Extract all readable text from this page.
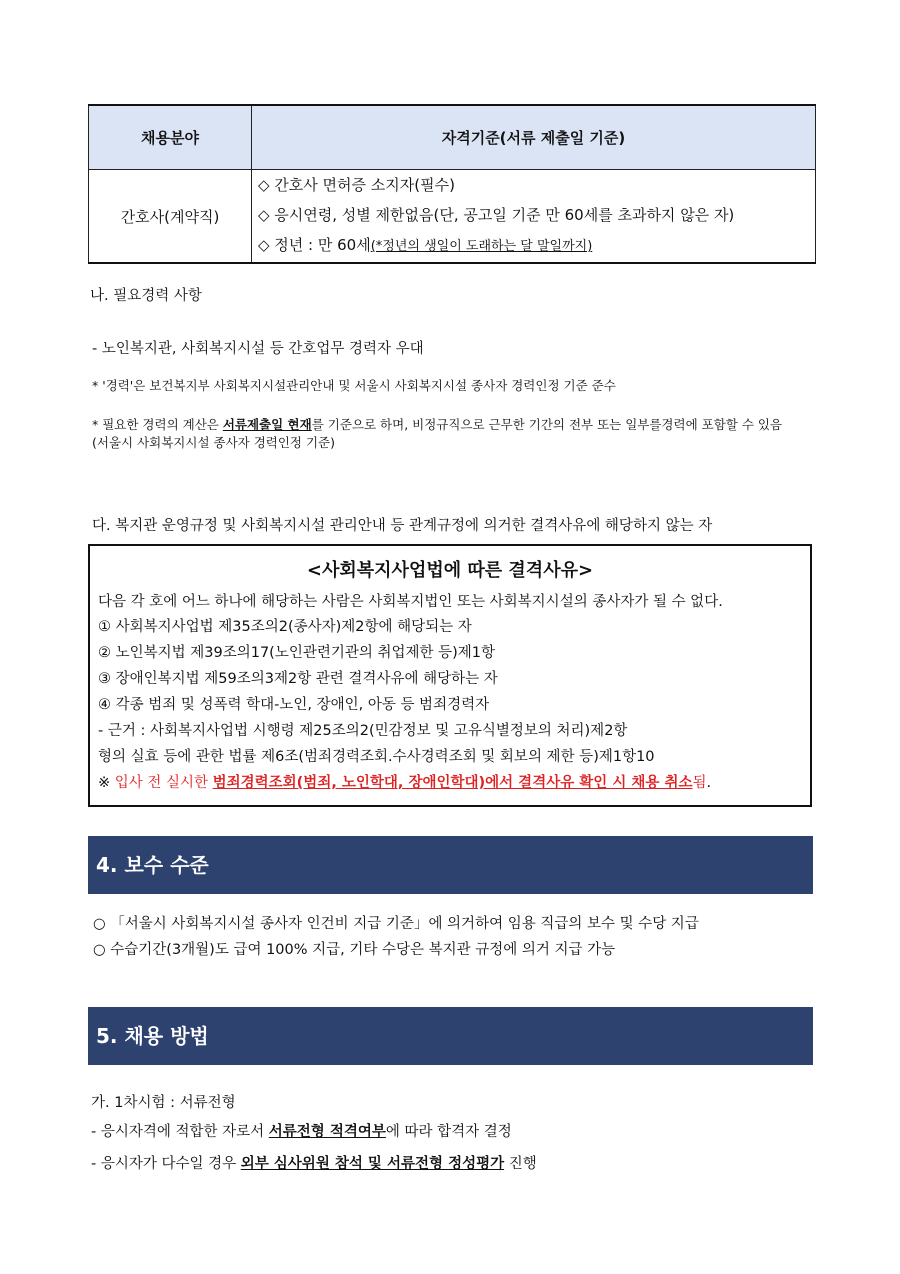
채용분야	자격기준(서류 제출일 기준)
간호사(계약직)	◇ 간호사 면허증 소지자(필수)
◇ 응시연령, 성별 제한없음(단, 공고일 기준 만 60세를 초과하지 않은 자)
◇ 정년 : 만 60세(*정년의 생일이 도래하는 달 말일까지)
나. 필요경력 사항
- 노인복지관, 사회복지시설 등 간호업무 경력자 우대
* '경력'은 보건복지부 사회복지시설관리안내 및 서울시 사회복지시설 종사자 경력인정 기준 준수
* 필요한 경력의 계산은 서류제출일 현재를 기준으로 하며, 비정규직으로 근무한 기간의 전부 또는 일부를경력에 포함할 수 있음
(서울시 사회복지시설 종사자 경력인정 기준)
다. 복지관 운영규정 및 사회복지시설 관리안내 등 관계규정에 의거한 결격사유에 해당하지 않는 자
<사회복지사업법에 따른 결격사유>
다음 각 호에 어느 하나에 해당하는 사람은 사회복지법인 또는 사회복지시설의 종사자가 될 수 없다.
① 사회복지사업법 제35조의2(종사자)제2항에 해당되는 자
② 노인복지법 제39조의17(노인관련기관의 취업제한 등)제1항
③ 장애인복지법 제59조의3제2항 관련 결격사유에 해당하는 자
④ 각종 범죄 및 성폭력 학대-노인, 장애인, 아동 등 범죄경력자
- 근거 : 사회복지사업법 시행령 제25조의2(민감정보 및 고유식별정보의 처리)제2항
형의 실효 등에 관한 법률 제6조(범죄경력조회.수사경력조회 및 회보의 제한 등)제1항10
※ 입사 전 실시한 범죄경력조회(범죄, 노인학대, 장애인학대)에서 결격사유 확인 시 채용 취소됨.
4. 보수 수준
○ 「서울시 사회복지시설 종사자 인건비 지급 기준」에 의거하여 임용 직급의 보수 및 수당 지급
○ 수습기간(3개월)도 급여 100% 지급, 기타 수당은 복지관 규정에 의거 지급 가능
5. 채용 방법
가. 1차시험 : 서류전형
- 응시자격에 적합한 자로서 서류전형 적격여부에 따라 합격자 결정
- 응시자가 다수일 경우 외부 심사위원 참석 및 서류전형 정성평가 진행
